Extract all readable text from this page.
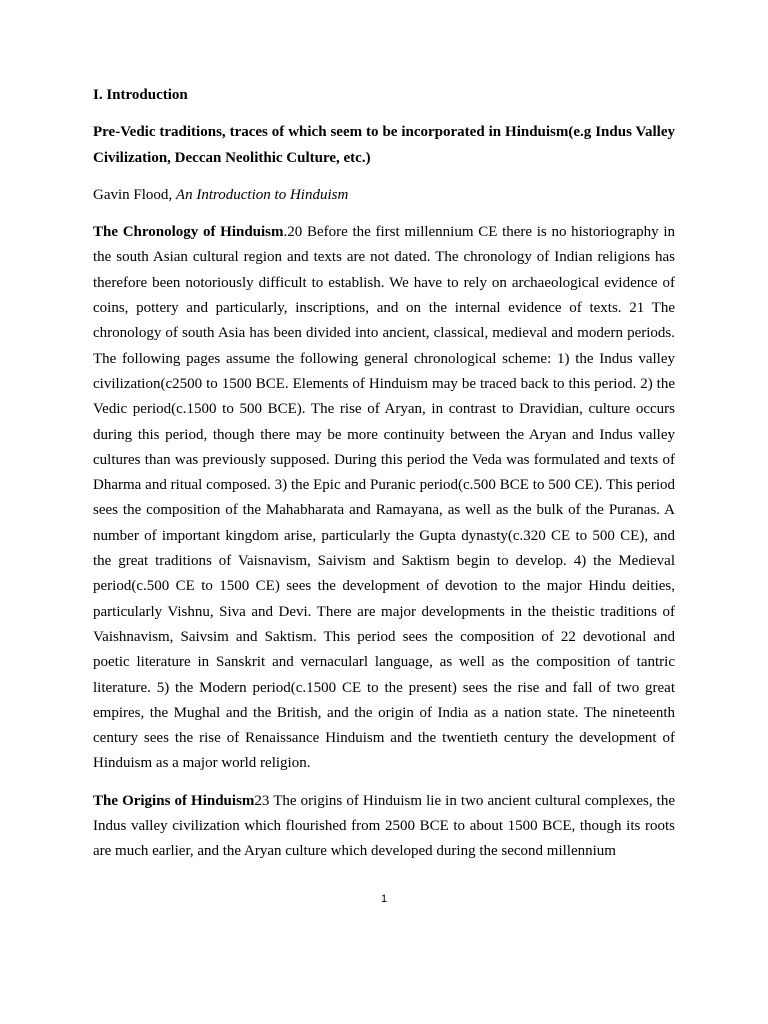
I. Introduction

Pre-Vedic traditions, traces of which seem to be incorporated in Hinduism(e.g Indus Valley Civilization, Deccan Neolithic Culture, etc.)

Gavin Flood, An Introduction to Hinduism

The Chronology of Hinduism.20 Before the first millennium CE there is no historiography in the south Asian cultural region and texts are not dated. The chronology of Indian religions has therefore been notoriously difficult to establish. We have to rely on archaeological evidence of coins, pottery and particularly, inscriptions, and on the internal evidence of texts. 21 The chronology of south Asia has been divided into ancient, classical, medieval and modern periods. The following pages assume the following general chronological scheme: 1) the Indus valley civilization(c2500 to 1500 BCE. Elements of Hinduism may be traced back to this period. 2) the Vedic period(c.1500 to 500 BCE). The rise of Aryan, in contrast to Dravidian, culture occurs during this period, though there may be more continuity between the Aryan and Indus valley cultures than was previously supposed. During this period the Veda was formulated and texts of Dharma and ritual composed. 3) the Epic and Puranic period(c.500 BCE to 500 CE). This period sees the composition of the Mahabharata and Ramayana, as well as the bulk of the Puranas. A number of important kingdom arise, particularly the Gupta dynasty(c.320 CE to 500 CE), and the great traditions of Vaisnavism, Saivism and Saktism begin to develop. 4) the Medieval period(c.500 CE to 1500 CE) sees the development of devotion to the major Hindu deities, particularly Vishnu, Siva and Devi. There are major developments in the theistic traditions of Vaishnavism, Saivsim and Saktism. This period sees the composition of 22 devotional and poetic literature in Sanskrit and vernacularl language, as well as the composition of tantric literature. 5) the Modern period(c.1500 CE to the present) sees the rise and fall of two great empires, the Mughal and the British, and the origin of India as a nation state. The nineteenth century sees the rise of Renaissance Hinduism and the twentieth century the development of Hinduism as a major world religion.

The Origins of Hinduism23 The origins of Hinduism lie in two ancient cultural complexes, the Indus valley civilization which flourished from 2500 BCE to about 1500 BCE, though its roots are much earlier, and the Aryan culture which developed during the second millennium

1
